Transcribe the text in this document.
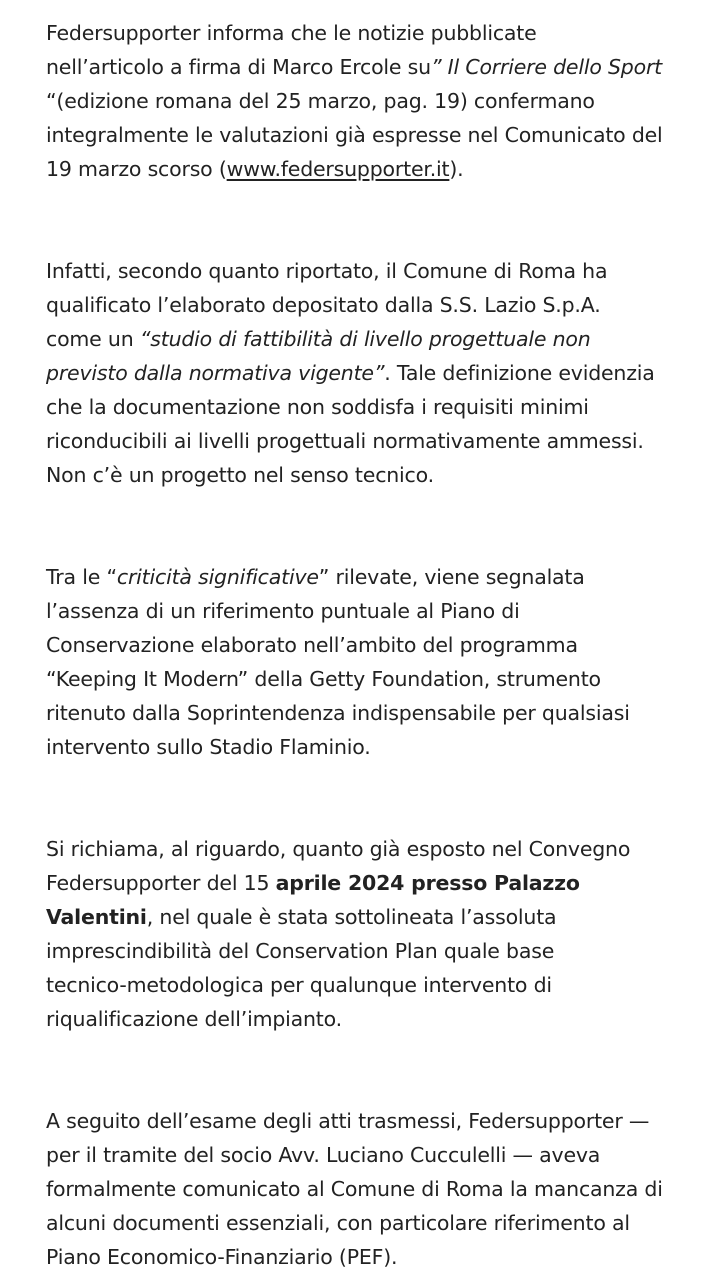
Federsupporter informa che le notizie pubblicate
nell’articolo a firma di Marco Ercole su” Il Corriere dello Sport
“(edizione romana del 25 marzo, pag. 19) confermano
integralmente le valutazioni già espresse nel Comunicato del
19 marzo scorso (www.federsupporter.it).

Infatti, secondo quanto riportato, il Comune di Roma ha
qualificato l’elaborato depositato dalla S.S. Lazio S.p.A.
come un “studio di fattibilità di livello progettuale non
previsto dalla normativa vigente”. Tale definizione evidenzia
che la documentazione non soddisfa i requisiti minimi
riconducibili ai livelli progettuali normativamente ammessi.
Non c’è un progetto nel senso tecnico.

Tra le “criticità significative” rilevate, viene segnalata
l’assenza di un riferimento puntuale al Piano di
Conservazione elaborato nell’ambito del programma
“Keeping It Modern” della Getty Foundation, strumento
ritenuto dalla Soprintendenza indispensabile per qualsiasi
intervento sullo Stadio Flaminio.

Si richiama, al riguardo, quanto già esposto nel Convegno
Federsupporter del 15 aprile 2024 presso Palazzo
Valentini, nel quale è stata sottolineata l’assoluta
imprescindibilità del Conservation Plan quale base
tecnico-metodologica per qualunque intervento di
riqualificazione dell’impianto.

A seguito dell’esame degli atti trasmessi, Federsupporter —
per il tramite del socio Avv. Luciano Cucculelli — aveva
formalmente comunicato al Comune di Roma la mancanza di
alcuni documenti essenziali, con particolare riferimento al
Piano Economico-Finanziario (PEF).
